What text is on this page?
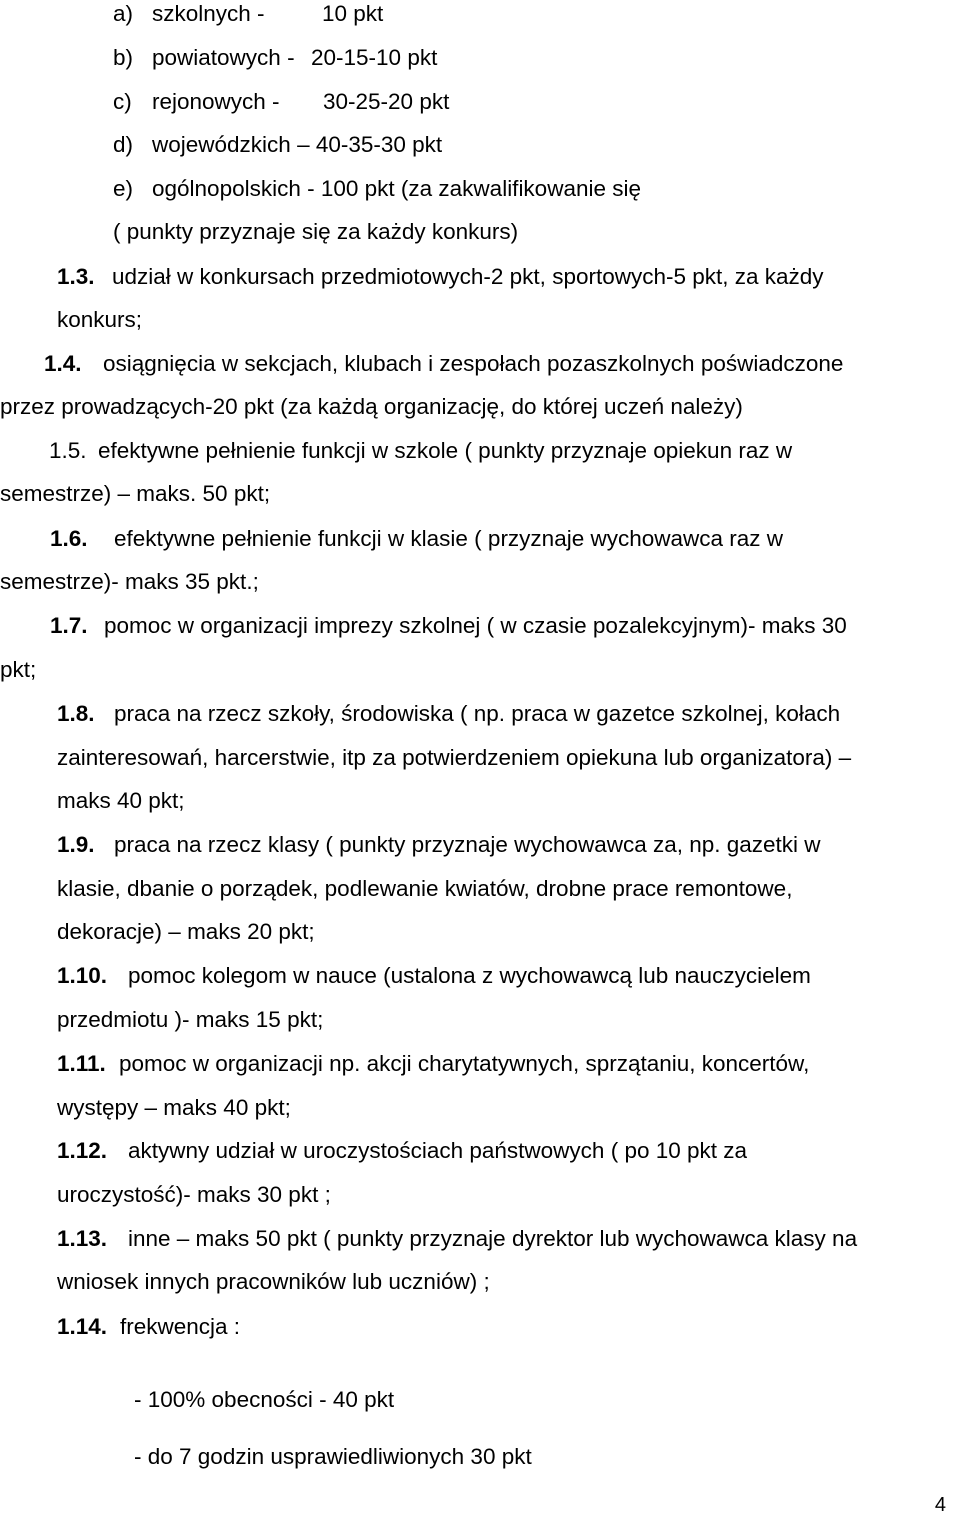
a) szkolnych -	10 pkt
b) powiatowych - 20-15-10 pkt
c) rejonowych - 30-25-20 pkt
d) wojewódzkich – 40-35-30 pkt
e) ogólnopolskich - 100 pkt (za zakwalifikowanie się
( punkty przyznaje się za każdy konkurs)
1.3. udział w konkursach przedmiotowych-2 pkt, sportowych-5 pkt, za każdy
konkurs;
1.4. osiągnięcia w sekcjach, klubach i zespołach pozaszkolnych poświadczone
przez prowadzących-20 pkt (za każdą organizację, do której uczeń należy)
1.5. efektywne pełnienie funkcji w szkole ( punkty przyznaje opiekun raz w
semestrze) – maks. 50 pkt;
1.6. efektywne pełnienie funkcji w klasie ( przyznaje wychowawca raz w
semestrze)- maks 35 pkt.;
1.7. pomoc w organizacji imprezy szkolnej ( w czasie pozalekcyjnym)- maks 30
pkt;
1.8. praca na rzecz szkoły, środowiska ( np. praca w gazetce szkolnej, kołach
zainteresowań, harcerstwie, itp za potwierdzeniem opiekuna lub organizatora) –
maks 40 pkt;
1.9. praca na rzecz klasy ( punkty przyznaje wychowawca za, np. gazetki w
klasie, dbanie o porządek, podlewanie kwiatów, drobne prace remontowe,
dekoracje) – maks 20 pkt;
1.10. pomoc kolegom w nauce (ustalona z wychowawcą lub nauczycielem
przedmiotu )- maks 15 pkt;
1.11. pomoc w organizacji np. akcji charytatywnych, sprzątaniu, koncertów,
występy – maks 40 pkt;
1.12. aktywny udział w uroczystościach państwowych ( po 10 pkt za
uroczystość)- maks 30 pkt ;
1.13. inne – maks 50 pkt ( punkty przyznaje dyrektor lub wychowawca klasy na
wniosek innych pracowników lub uczniów) ;
1.14. frekwencja :
- 100% obecności - 40 pkt
- do 7 godzin usprawiedliwionych 30 pkt
4
